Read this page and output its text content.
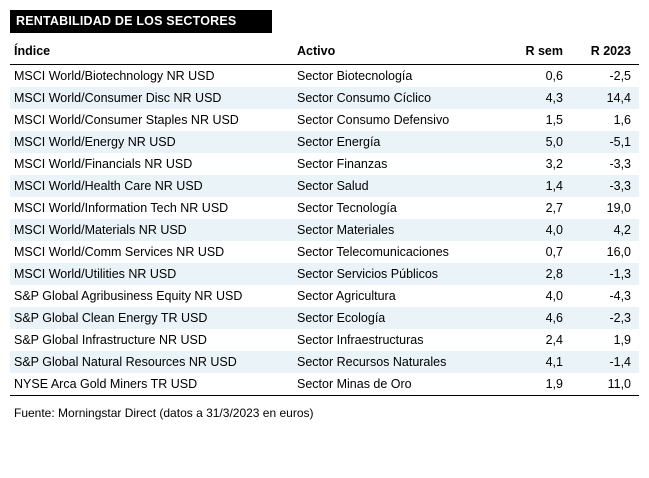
RENTABILIDAD DE LOS SECTORES
Índice	Activo	R sem	R 2023
MSCI World/Biotechnology NR USD	Sector Biotecnología	0,6	-2,5
MSCI World/Consumer Disc NR USD	Sector Consumo Cíclico	4,3	14,4
MSCI World/Consumer Staples NR USD	Sector Consumo Defensivo	1,5	1,6
MSCI World/Energy NR USD	Sector Energía	5,0	-5,1
MSCI World/Financials NR USD	Sector Finanzas	3,2	-3,3
MSCI World/Health Care NR USD	Sector Salud	1,4	-3,3
MSCI World/Information Tech NR USD	Sector Tecnología	2,7	19,0
MSCI World/Materials NR USD	Sector Materiales	4,0	4,2
MSCI World/Comm Services NR USD	Sector Telecomunicaciones	0,7	16,0
MSCI World/Utilities NR USD	Sector Servicios Públicos	2,8	-1,3
S&P Global Agribusiness Equity NR USD	Sector Agricultura	4,0	-4,3
S&P Global Clean Energy TR USD	Sector Ecología	4,6	-2,3
S&P Global Infrastructure NR USD	Sector Infraestructuras	2,4	1,9
S&P Global Natural Resources NR USD	Sector Recursos Naturales	4,1	-1,4
NYSE Arca Gold Miners TR USD	Sector Minas de Oro	1,9	11,0
Fuente: Morningstar Direct (datos a 31/3/2023 en euros)
